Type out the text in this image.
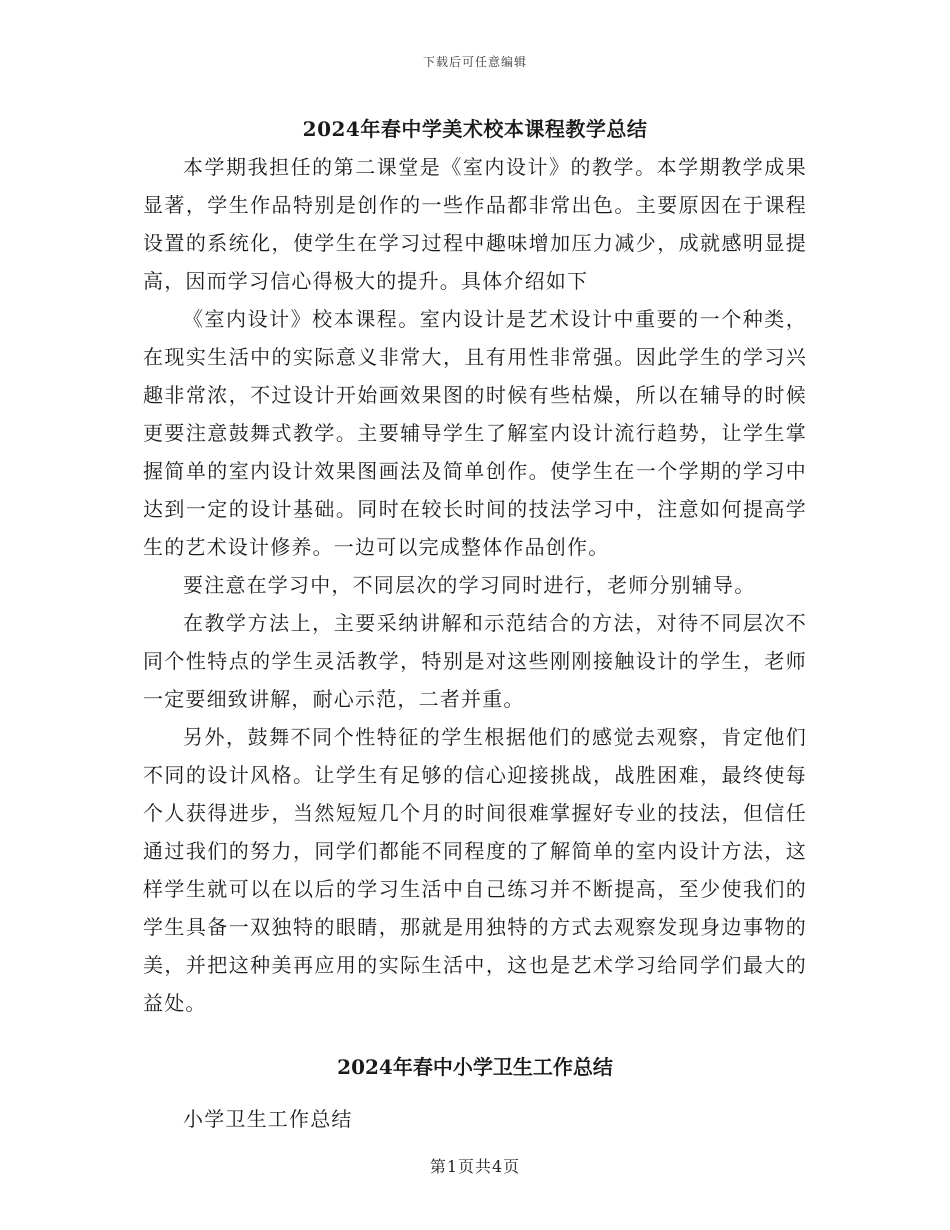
下载后可任意编辑
2024年春中学美术校本课程教学总结

本学期我担任的第二课堂是《室内设计》的教学。本学期教学成果显著，学生作品特别是创作的一些作品都非常出色。主要原因在于课程设置的系统化，使学生在学习过程中趣味增加压力减少，成就感明显提高，因而学习信心得极大的提升。具体介绍如下

《室内设计》校本课程。室内设计是艺术设计中重要的一个种类，在现实生活中的实际意义非常大，且有用性非常强。因此学生的学习兴趣非常浓，不过设计开始画效果图的时候有些枯燥，所以在辅导的时候更要注意鼓舞式教学。主要辅导学生了解室内设计流行趋势，让学生掌握简单的室内设计效果图画法及简单创作。使学生在一个学期的学习中达到一定的设计基础。同时在较长时间的技法学习中，注意如何提高学生的艺术设计修养。一边可以完成整体作品创作。

要注意在学习中，不同层次的学习同时进行，老师分别辅导。

在教学方法上，主要采纳讲解和示范结合的方法，对待不同层次不同个性特点的学生灵活教学，特别是对这些刚刚接触设计的学生，老师一定要细致讲解，耐心示范，二者并重。

另外，鼓舞不同个性特征的学生根据他们的感觉去观察，肯定他们不同的设计风格。让学生有足够的信心迎接挑战，战胜困难，最终使每个人获得进步，当然短短几个月的时间很难掌握好专业的技法，但信任通过我们的努力，同学们都能不同程度的了解简单的室内设计方法，这样学生就可以在以后的学习生活中自己练习并不断提高，至少使我们的学生具备一双独特的眼睛，那就是用独特的方式去观察发现身边事物的美，并把这种美再应用的实际生活中，这也是艺术学习给同学们最大的益处。

2024年春中小学卫生工作总结

小学卫生工作总结

第1页共4页
